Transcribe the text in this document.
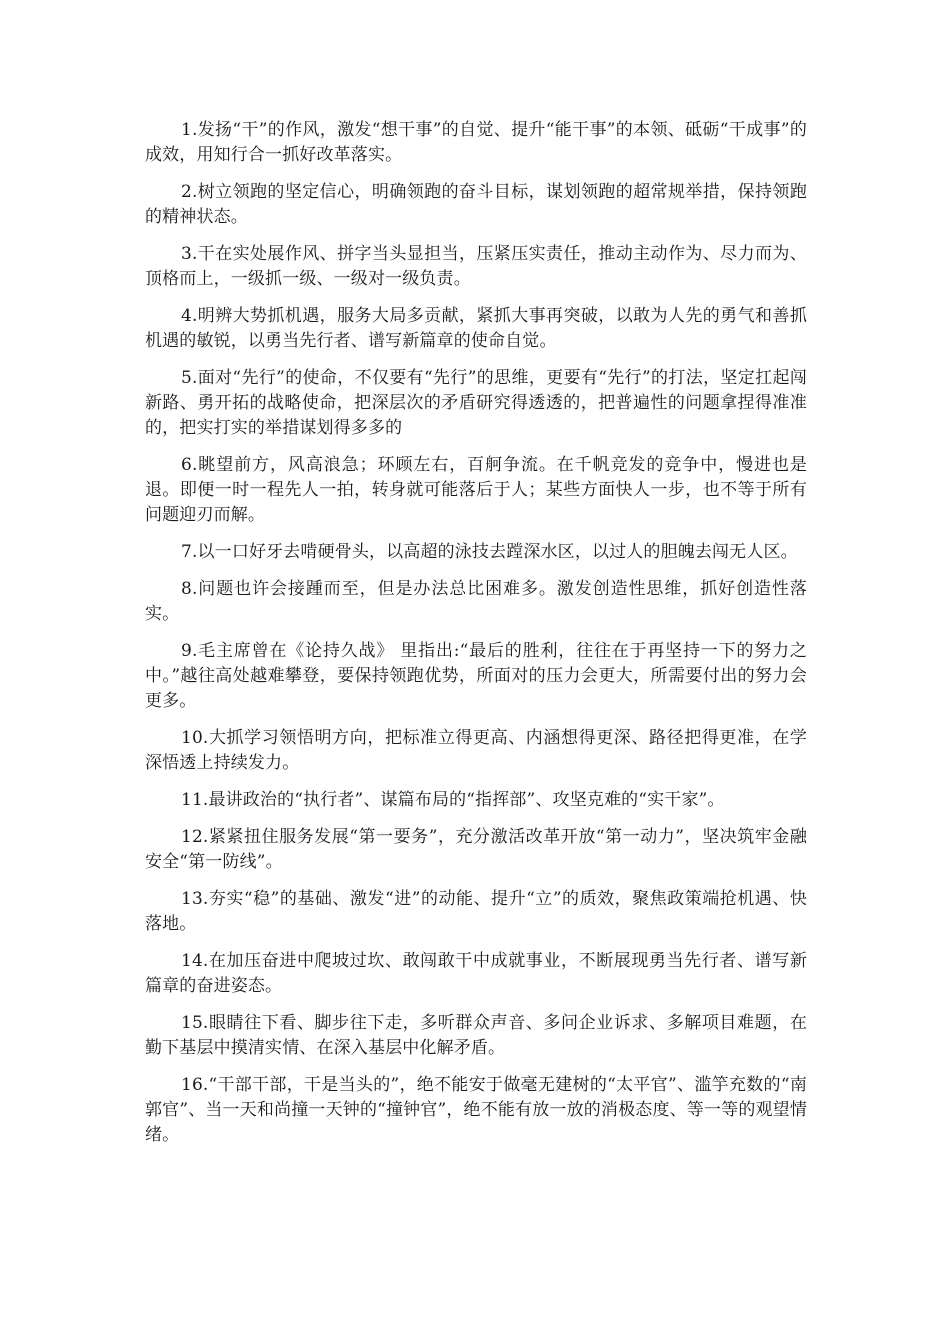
1.发扬“干”的作风，激发“想干事”的自觉、提升“能干事”的本领、砥砺“干成事”的成效，用知行合一抓好改革落实。

2.树立领跑的坚定信心，明确领跑的奋斗目标，谋划领跑的超常规举措，保持领跑的精神状态。

3.干在实处展作风、拼字当头显担当，压紧压实责任，推动主动作为、尽力而为、顶格而上，一级抓一级、一级对一级负责。

4.明辨大势抓机遇，服务大局多贡献，紧抓大事再突破，以敢为人先的勇气和善抓机遇的敏锐，以勇当先行者、谱写新篇章的使命自觉。

5.面对“先行”的使命，不仅要有“先行”的思维，更要有“先行”的打法，坚定扛起闯新路、勇开拓的战略使命，把深层次的矛盾研究得透透的，把普遍性的问题拿捏得准准的，把实打实的举措谋划得多多的

6.眺望前方，风高浪急；环顾左右，百舸争流。在千帆竞发的竞争中，慢进也是退。即便一时一程先人一拍，转身就可能落后于人；某些方面快人一步，也不等于所有问题迎刃而解。

7.以一口好牙去啃硬骨头，以高超的泳技去蹚深水区，以过人的胆魄去闯无人区。

8.问题也许会接踵而至，但是办法总比困难多。激发创造性思维，抓好创造性落实。

9.毛主席曾在《论持久战》 里指出:“最后的胜利，往往在于再坚持一下的努力之中。”越往高处越难攀登，要保持领跑优势，所面对的压力会更大，所需要付出的努力会更多。

10.大抓学习领悟明方向，把标准立得更高、内涵想得更深、路径把得更准，在学深悟透上持续发力。

11.最讲政治的“执行者”、谋篇布局的“指挥部”、攻坚克难的“实干家”。

12.紧紧扭住服务发展“第一要务”，充分激活改革开放“第一动力”，坚决筑牢金融安全“第一防线”。

13.夯实“稳”的基础、激发“进”的动能、提升“立”的质效，聚焦政策端抢机遇、快落地。

14.在加压奋进中爬坡过坎、敢闯敢干中成就事业，不断展现勇当先行者、谱写新篇章的奋进姿态。

15.眼睛往下看、脚步往下走，多听群众声音、多问企业诉求、多解项目难题，在勤下基层中摸清实情、在深入基层中化解矛盾。

16.“干部干部，干是当头的”，绝不能安于做毫无建树的“太平官”、滥竽充数的“南郭官”、当一天和尚撞一天钟的“撞钟官”，绝不能有放一放的消极态度、等一等的观望情绪。
